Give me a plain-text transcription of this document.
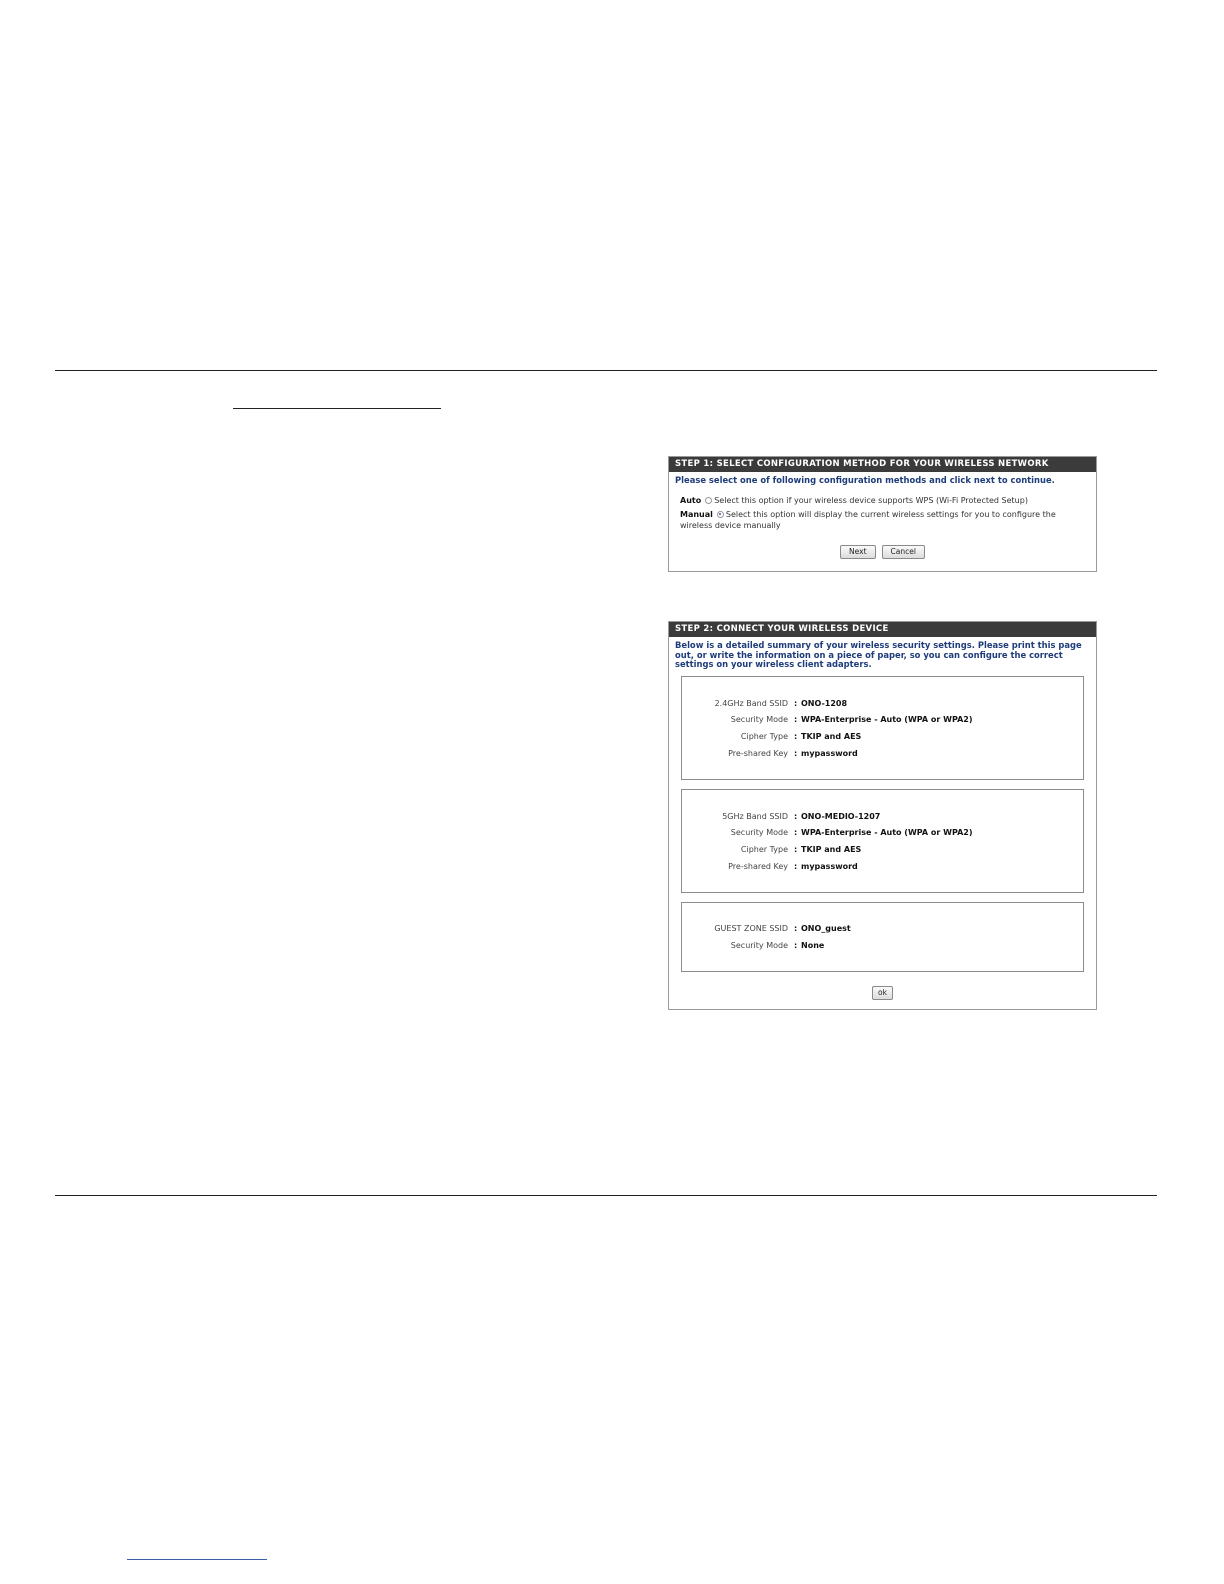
STEP 1: SELECT CONFIGURATION METHOD FOR YOUR WIRELESS NETWORK
Please select one of following configuration methods and click next to continue.
Auto Select this option if your wireless device supports WPS (Wi-Fi Protected Setup)
Manual Select this option will display the current wireless settings for you to configure the wireless device manually
Next	Cancel
STEP 2: CONNECT YOUR WIRELESS DEVICE
Below is a detailed summary of your wireless security settings. Please print this page out, or write the information on a piece of paper, so you can configure the correct settings on your wireless client adapters.
2.4GHz Band SSID : ONO-1208
Security Mode : WPA-Enterprise - Auto (WPA or WPA2)
Cipher Type : TKIP and AES
Pre-shared Key : mypassword
5GHz Band SSID : ONO-MEDIO-1207
Security Mode : WPA-Enterprise - Auto (WPA or WPA2)
Cipher Type : TKIP and AES
Pre-shared Key : mypassword
GUEST ZONE SSID : ONO_guest
Security Mode : None
ok
